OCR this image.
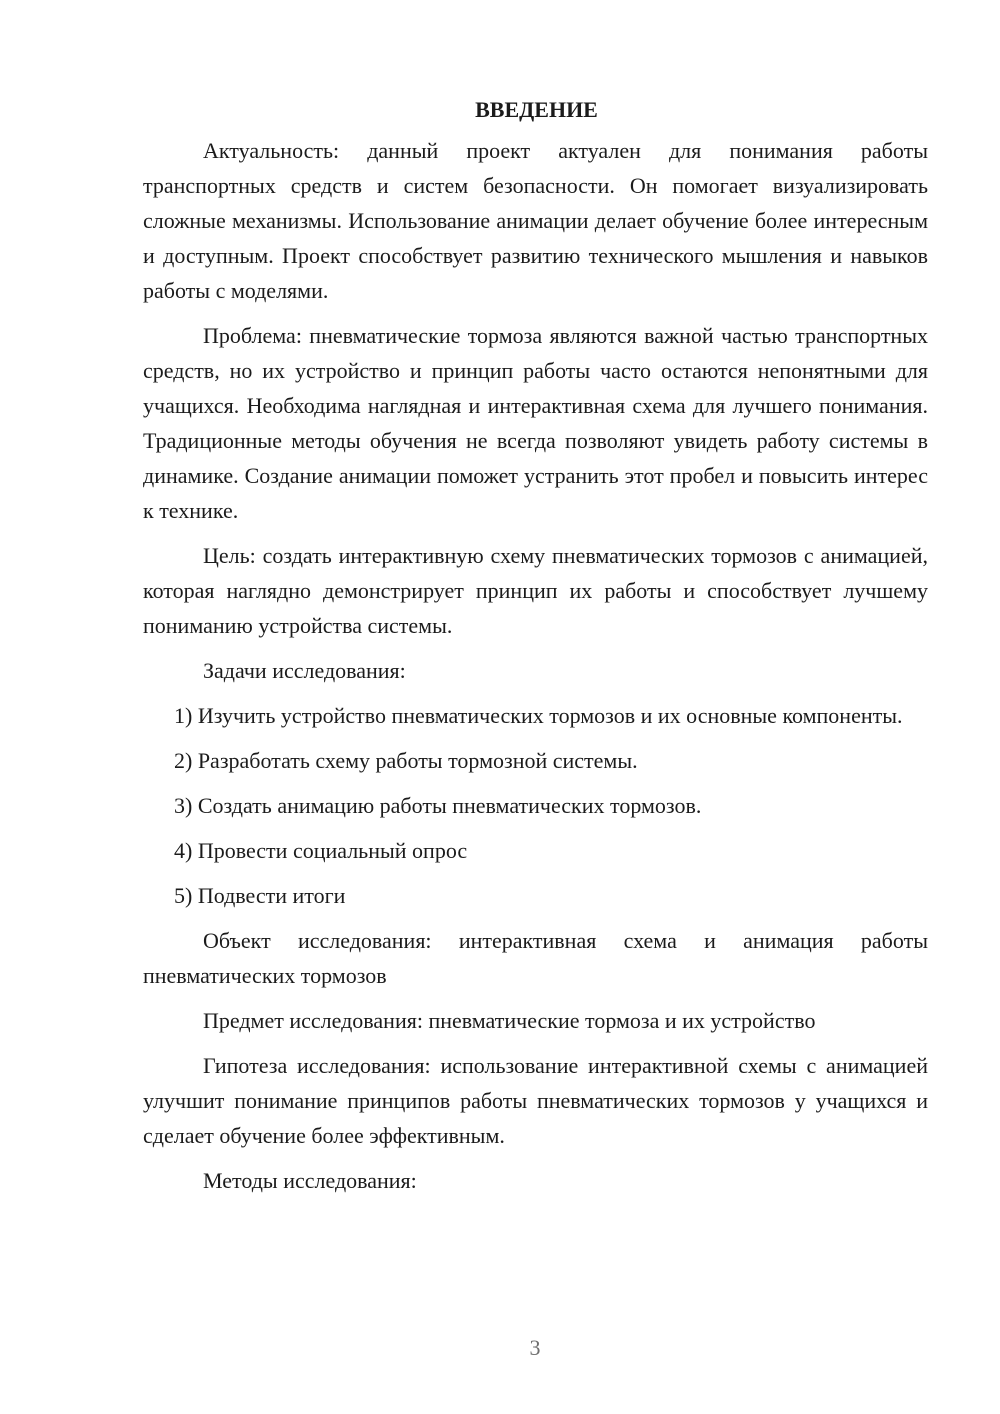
ВВЕДЕНИЕ

Актуальность: данный проект актуален для понимания работы транспортных средств и систем безопасности. Он помогает визуализировать сложные механизмы. Использование анимации делает обучение более интересным и доступным. Проект способствует развитию технического мышления и навыков работы с моделями.

Проблема: пневматические тормоза являются важной частью транспортных средств, но их устройство и принцип работы часто остаются непонятными для учащихся. Необходима наглядная и интерактивная схема для лучшего понимания. Традиционные методы обучения не всегда позволяют увидеть работу системы в динамике. Создание анимации поможет устранить этот пробел и повысить интерес к технике.

Цель: создать интерактивную схему пневматических тормозов с анимацией, которая наглядно демонстрирует принцип их работы и способствует лучшему пониманию устройства системы.

Задачи исследования:

1) Изучить устройство пневматических тормозов и их основные компоненты.

2) Разработать схему работы тормозной системы.

3) Создать анимацию работы пневматических тормозов.

4) Провести социальный опрос

5) Подвести итоги

Объект исследования: интерактивная схема и анимация работы пневматических тормозов

Предмет исследования: пневматические тормоза и их устройство

Гипотеза исследования: использование интерактивной схемы с анимацией улучшит понимание принципов работы пневматических тормозов у учащихся и сделает обучение более эффективным.

Методы исследования:

3
